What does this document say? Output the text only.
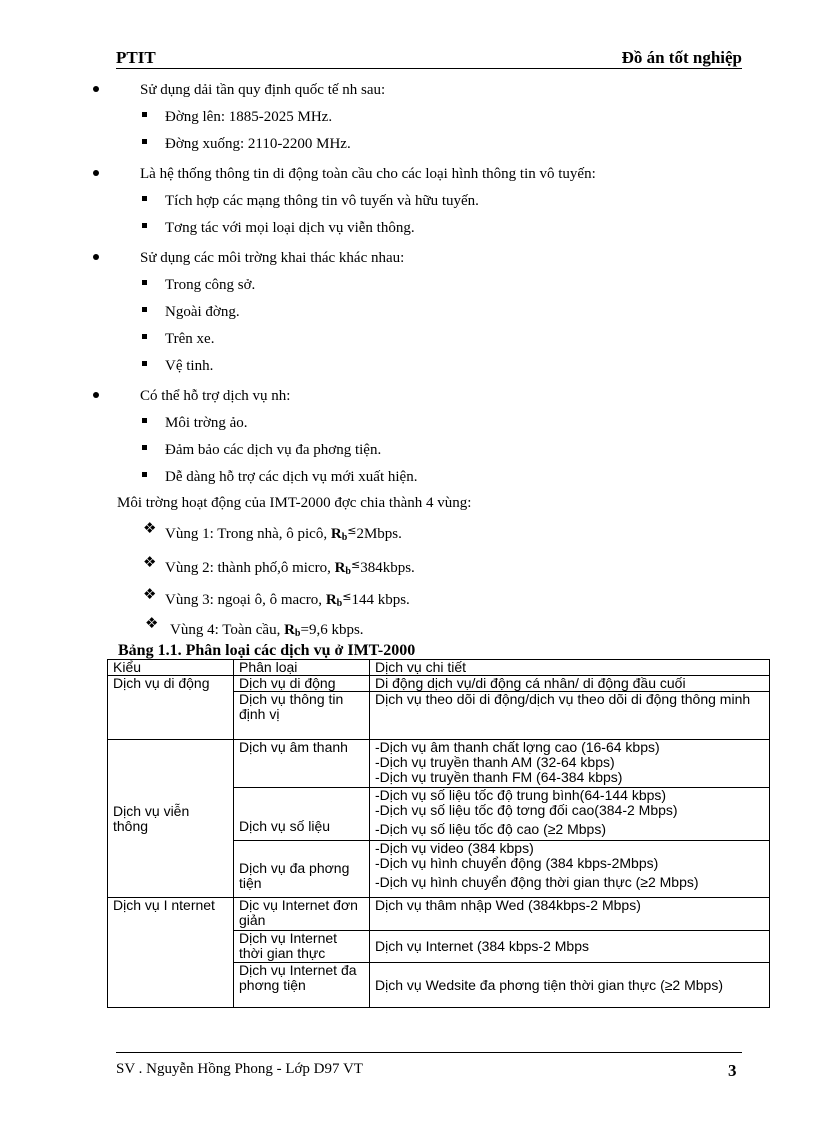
PTIT	Đồ án tốt nghiệp
Sử dụng dải tần quy định quốc tế nh sau:
Đờng lên: 1885-2025 MHz.
Đờng xuống: 2110-2200 MHz.
Là hệ thống thông tin di động toàn cầu cho các loại hình thông tin vô tuyến:
Tích hợp các mạng thông tin vô tuyến và hữu tuyến.
Tơng tác với mọi loại dịch vụ viễn thông.
Sử dụng các môi trờng khai thác khác nhau:
Trong công sở.
Ngoài đờng.
Trên xe.
Vệ tinh.
Có thể hỗ trợ dịch vụ nh:
Môi trờng ảo.
Đảm bảo các dịch vụ đa phơng tiện.
Dễ dàng hỗ trợ các dịch vụ mới xuất hiện.
Môi trờng hoạt động của IMT-2000 đợc chia thành 4 vùng:
❖ Vùng 1: Trong nhà, ô picô, $R_b^\le 2Mbps$.
❖ Vùng 2: thành phố,ô micro, $R_b^\le 384kbps$.
❖ Vùng 3: ngoại ô, ô macro, $R_b^\le 144$ kbps.
❖ Vùng 4: Toàn cầu, $R_b=9,6$ kbps.
Bảng 1.1. Phân loại các dịch vụ ở IMT-2000
Kiểu	Phân loại	Dịch vụ chi tiết
Dịch vụ di động	Dịch vụ di động	Di động dịch vụ/di động cá nhân/ di động đầu cuối
	Dịch vụ thông tin định vị	Dịch vụ theo dõi di động/dịch vụ theo dõi di động thông minh
Dịch vụ viễn thông	Dịch vụ âm thanh	-Dịch vụ âm thanh chất lợng cao (16-64 kbps)
-Dịch vụ truyền thanh AM (32-64 kbps)
-Dịch vụ truyền thanh FM (64-384 kbps)

	Dịch vụ số liệu	-Dịch vụ số liệu tốc độ trung bình(64-144 kbps)
-Dịch vụ số liệu tốc độ tơng đối cao(384-2 Mbps)
-Dịch vụ số liệu tốc độ cao (≥2 Mbps)

	Dịch vụ đa phơng tiện	-Dịch vụ video (384 kbps)
-Dịch vụ hình chuyển động (384 kbps-2Mbps)
-Dịch vụ hình chuyển động thời gian thực (≥2 Mbps)

Dịch vụ I nternet	Dịc vụ Internet đơn giản	Dịch vụ thâm nhập Wed (384kbps-2 Mbps)
	Dịch vụ Internet thời gian thực	Dịch vụ Internet (384 kbps-2 Mbps
	Dịch vụ Internet đa phơng tiện	Dịch vụ Wedsite đa phơng tiện thời gian thực (≥2 Mbps)
SV . Nguyễn Hồng Phong - Lớp D97 VT	3
